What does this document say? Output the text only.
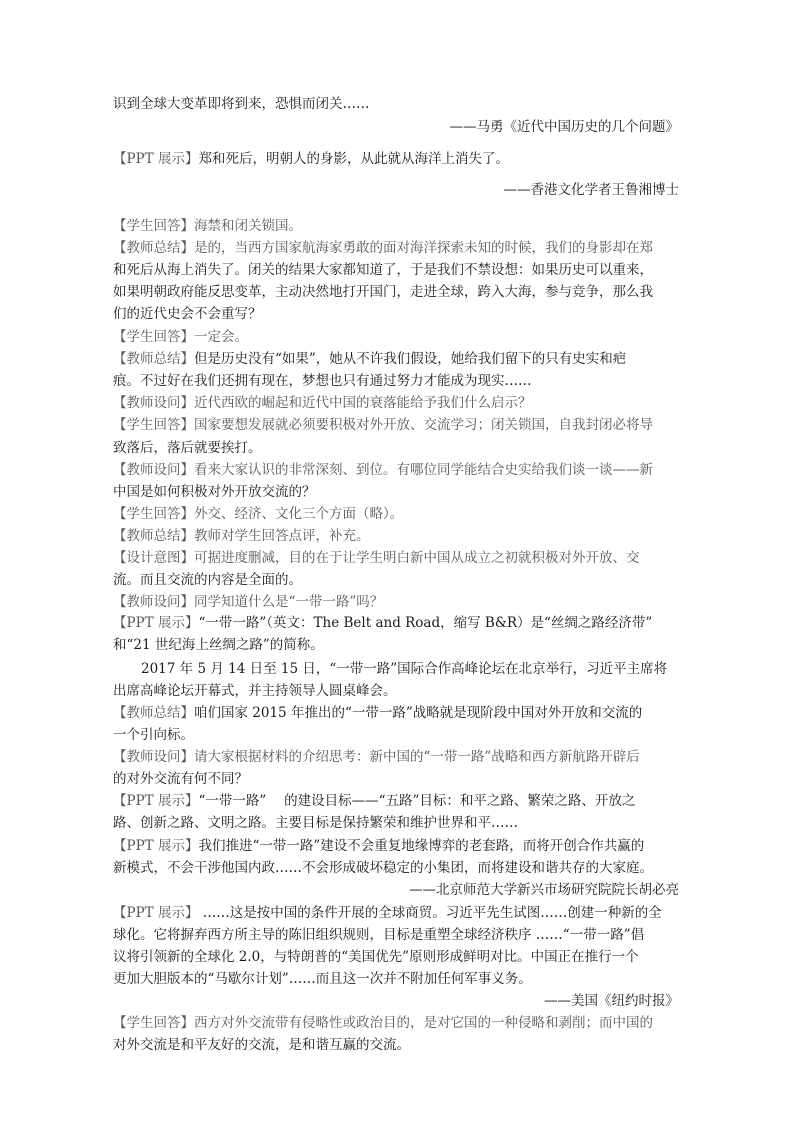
识到全球大变革即将到来，恐惧而闭关……
——马勇《近代中国历史的几个问题》
【PPT 展示】郑和死后，明朝人的身影，从此就从海洋上消失了。
——香港文化学者王鲁湘博士
【学生回答】海禁和闭关锁国。
【教师总结】是的，当西方国家航海家勇敢的面对海洋探索未知的时候，我们的身影却在郑
和死后从海上消失了。闭关的结果大家都知道了，于是我们不禁设想：如果历史可以重来，
如果明朝政府能反思变革，主动决然地打开国门，走进全球，跨入大海，参与竞争，那么我
们的近代史会不会重写？
【学生回答】一定会。
【教师总结】但是历史没有“如果”，她从不许我们假设，她给我们留下的只有史实和疤
痕。不过好在我们还拥有现在，梦想也只有通过努力才能成为现实……
【教师设问】近代西欧的崛起和近代中国的衰落能给予我们什么启示？
【学生回答】国家要想发展就必须要积极对外开放、交流学习；闭关锁国，自我封闭必将导
致落后，落后就要挨打。
【教师设问】看来大家认识的非常深刻、到位。有哪位同学能结合史实给我们谈一谈——新
中国是如何积极对外开放交流的？
【学生回答】外交、经济、文化三个方面（略）。
【教师总结】教师对学生回答点评，补充。
【设计意图】可据进度删减，目的在于让学生明白新中国从成立之初就积极对外开放、交
流。而且交流的内容是全面的。
【教师设问】同学知道什么是“一带一路”吗？
【PPT 展示】“一带一路”（英文：The Belt and Road，缩写 B&R）是“丝绸之路经济带”
和“21 世纪海上丝绸之路”的简称。
2017 年 5 月 14 日至 15 日，“一带一路”国际合作高峰论坛在北京举行，习近平主席将
出席高峰论坛开幕式，并主持领导人圆桌峰会。
【教师总结】咱们国家 2015 年推出的“一带一路”战略就是现阶段中国对外开放和交流的
一个引向标。
【教师设问】请大家根据材料的介绍思考：新中国的“一带一路”战略和西方新航路开辟后
的对外交流有何不同？
【PPT 展示】“一带一路”　 的建设目标——“五路”目标：和平之路、繁荣之路、开放之
路、创新之路、文明之路。主要目标是保持繁荣和维护世界和平……
【PPT 展示】我们推进“一带一路”建设不会重复地缘博弈的老套路，而将开创合作共赢的
新模式，不会干涉他国内政……不会形成破坏稳定的小集团，而将建设和谐共存的大家庭。
——北京师范大学新兴市场研究院院长胡必亮
【PPT 展示】 ……这是按中国的条件开展的全球商贸。习近平先生试图……创建一种新的全
球化。它将摒弃西方所主导的陈旧组织规则，目标是重塑全球经济秩序 ……“一带一路”倡
议将引领新的全球化 2.0，与特朗普的“美国优先”原则形成鲜明对比。中国正在推行一个
更加大胆版本的“马歇尔计划”……而且这一次并不附加任何军事义务。
——美国《纽约时报》
【学生回答】西方对外交流带有侵略性或政治目的，是对它国的一种侵略和剥削；而中国的
对外交流是和平友好的交流，是和谐互赢的交流。
